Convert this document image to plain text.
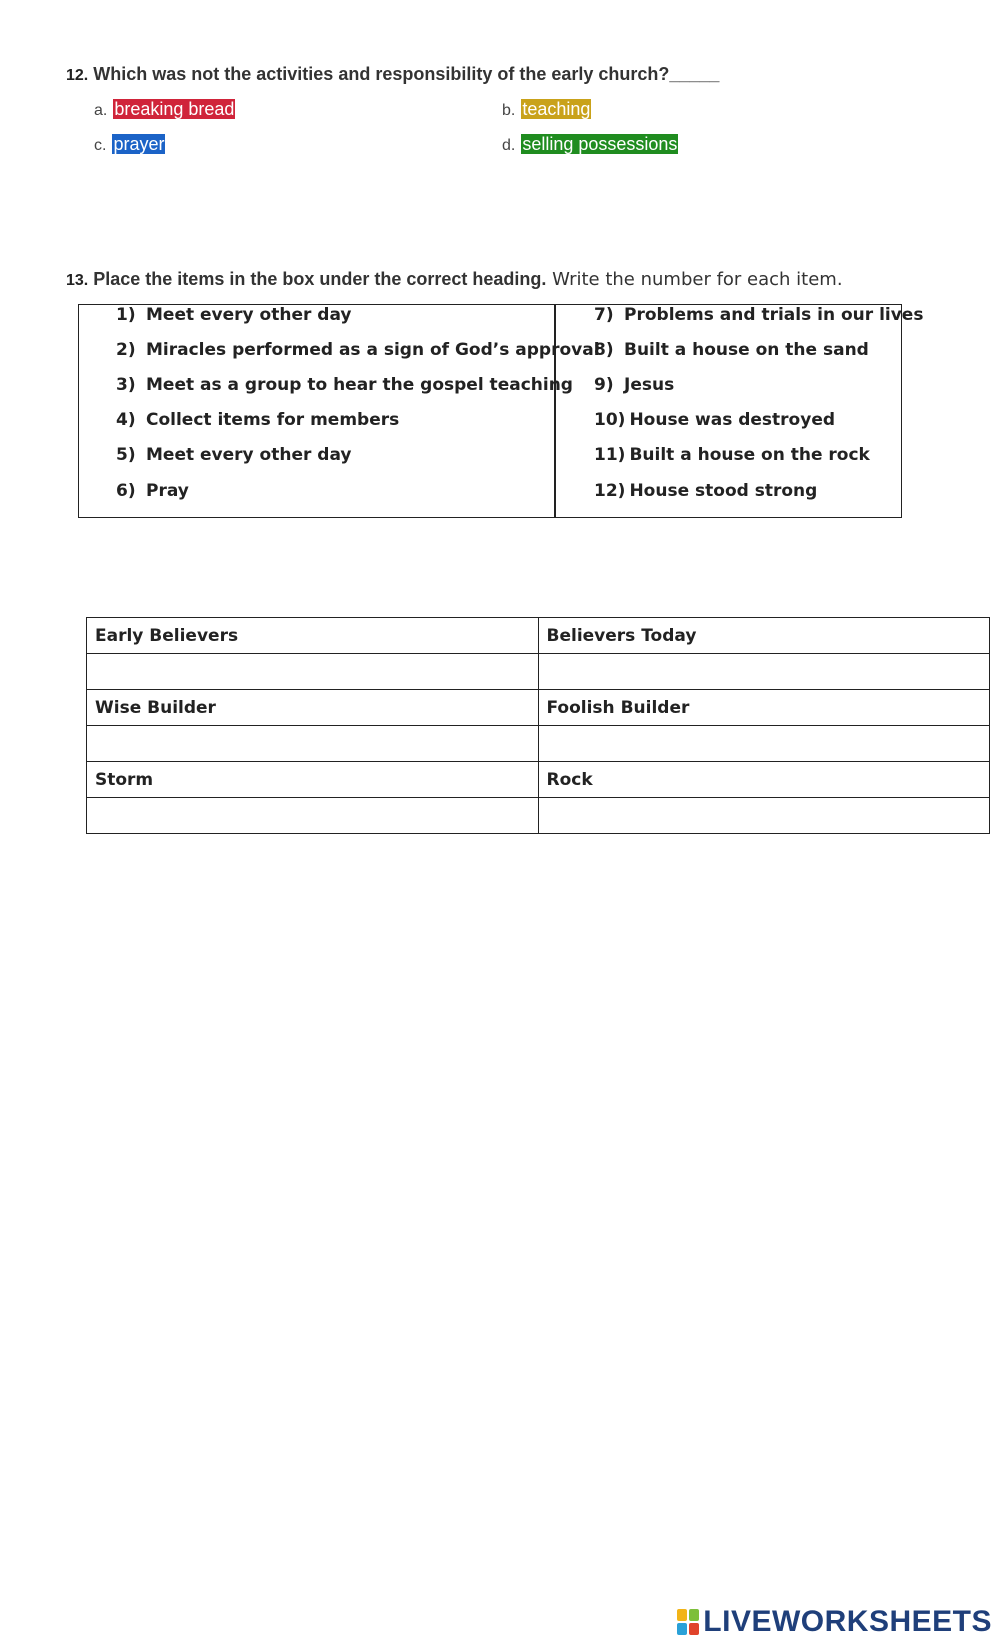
12. Which was not the activities and responsibility of the early church?_____
a. breaking bread	b. teaching
c. prayer	d. selling possessions
13. Place the items in the box under the correct heading. Write the number for each item.
1) Meet every other day
2) Miracles performed as a sign of God’s approval
3) Meet as a group to hear the gospel teaching
4) Collect items for members
5) Meet every other day
6) Pray
7) Problems and trials in our lives
8) Built a house on the sand
9) Jesus
10) House was destroyed
11) Built a house on the rock
12) House stood strong
Early Believers	Believers Today

Wise Builder	Foolish Builder

Storm	Rock

LIVEWORKSHEETS
